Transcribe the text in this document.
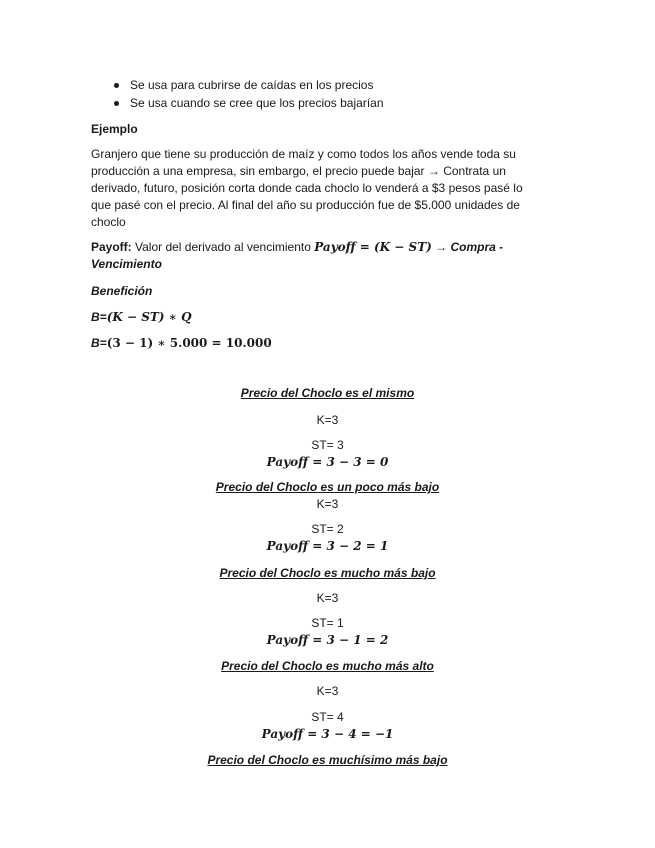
Se usa para cubrirse de caídas en los precios
Se usa cuando se cree que los precios bajarían
Ejemplo
Granjero que tiene su producción de maíz y como todos los años vende toda su
producción a una empresa, sin embargo, el precio puede bajar → Contrata un
derivado, futuro, posición corta donde cada choclo lo venderá a $3 pesos pasé lo
que pasé con el precio. Al final del año su producción fue de $5.000 unidades de
choclo
Payoff: Valor del derivado al vencimiento Payoff = (K − ST) → Compra -
Vencimiento
Benefición
B=(K − ST) ∗ Q
B=(3 − 1) ∗ 5.000 = 10.000
Precio del Choclo es el mismo
K=3
ST= 3
Payoff = 3 − 3 = 0
Precio del Choclo es un poco más bajo
K=3
ST= 2
Payoff = 3 − 2 = 1
Precio del Choclo es mucho más bajo
K=3
ST= 1
Payoff = 3 − 1 = 2
Precio del Choclo es mucho más alto
K=3
ST= 4
Payoff = 3 − 4 = −1
Precio del Choclo es muchísimo más bajo
